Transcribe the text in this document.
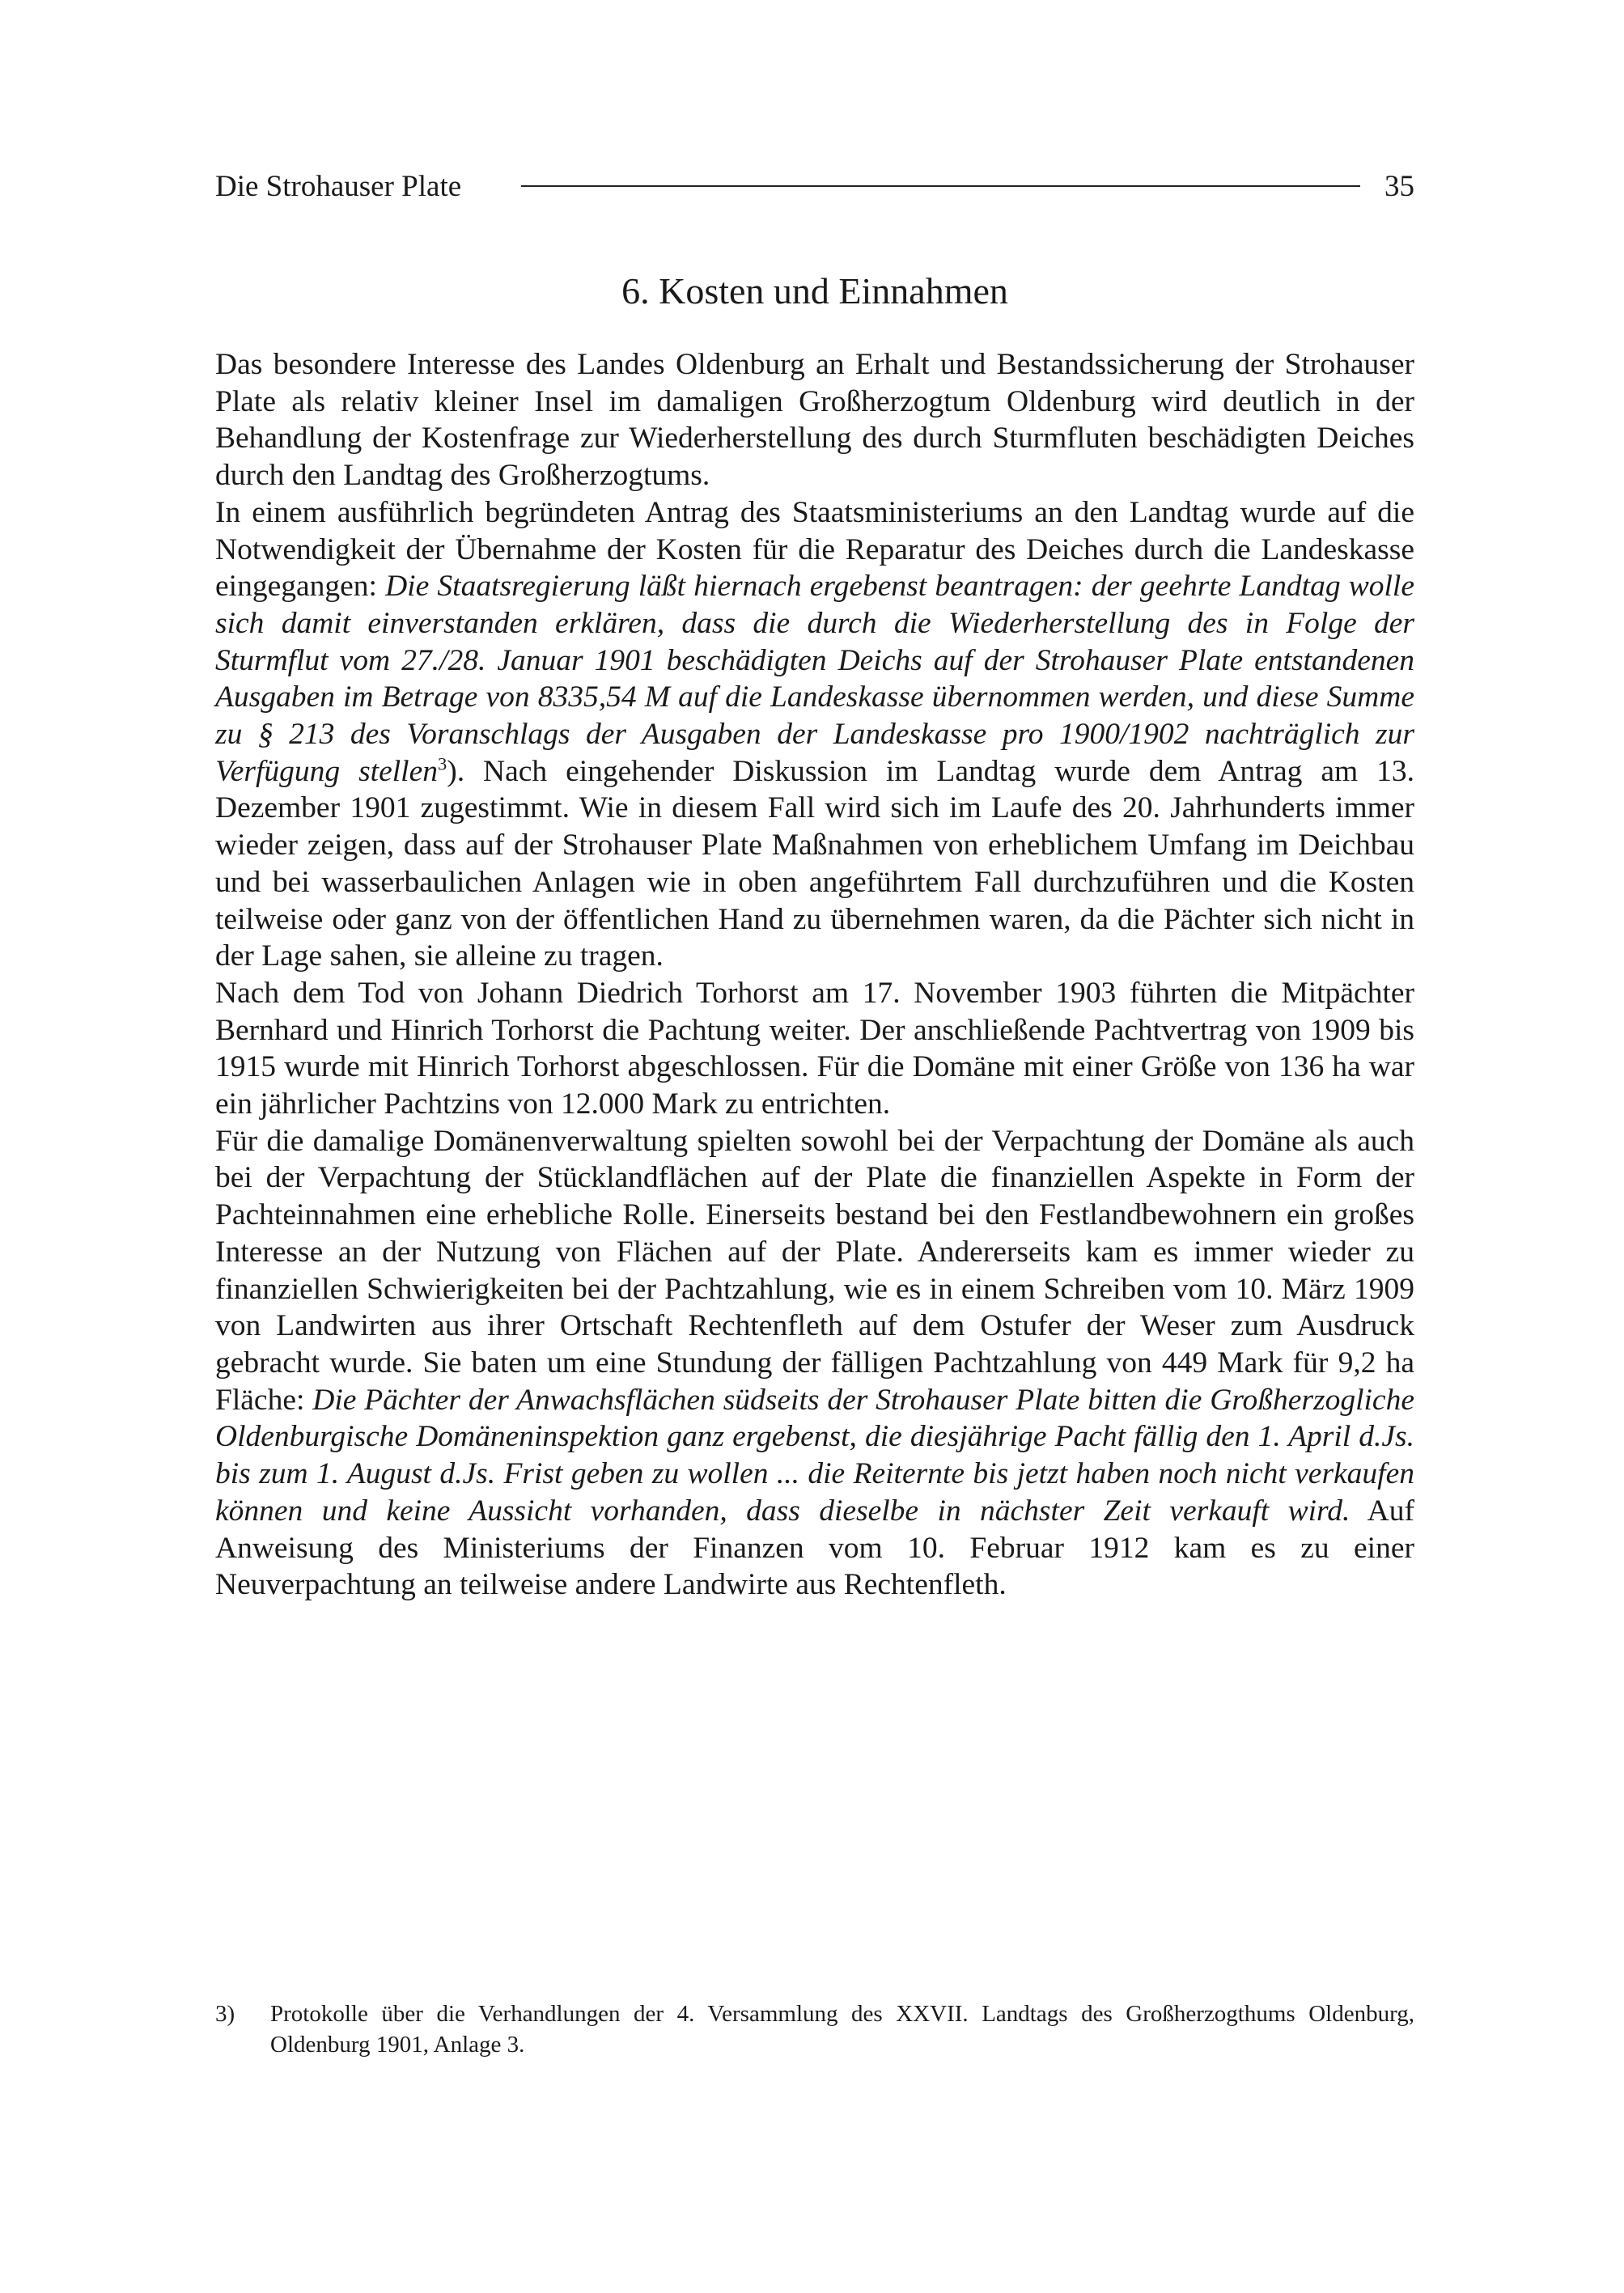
Die Strohauser Plate	35
6. Kosten und Einnahmen

Das besondere Interesse des Landes Oldenburg an Erhalt und Bestandssicherung der Strohauser Plate als relativ kleiner Insel im damaligen Großherzogtum Oldenburg wird deutlich in der Behandlung der Kostenfrage zur Wiederherstellung des durch Sturmfluten beschädigten Deiches durch den Landtag des Großherzogtums.

In einem ausführlich begründeten Antrag des Staatsministeriums an den Landtag wurde auf die Notwendigkeit der Übernahme der Kosten für die Reparatur des Deiches durch die Landeskasse eingegangen: Die Staatsregierung läßt hiernach ergebenst beantragen: der geehrte Landtag wolle sich damit einverstanden erklären, dass die durch die Wiederherstellung des in Folge der Sturmflut vom 27./28. Januar 1901 beschädigten Deichs auf der Strohauser Plate entstandenen Ausgaben im Betrage von 8335,54 M auf die Landeskasse übernommen werden, und diese Summe zu § 213 des Voranschlags der Ausgaben der Landeskasse pro 1900/1902 nachträglich zur Verfügung stellen$^3$). Nach eingehender Diskussion im Landtag wurde dem Antrag am 13. Dezember 1901 zugestimmt. Wie in diesem Fall wird sich im Laufe des 20. Jahrhunderts immer wieder zeigen, dass auf der Strohauser Plate Maßnahmen von erheblichem Umfang im Deichbau und bei wasserbaulichen Anlagen wie in oben angeführtem Fall durchzuführen und die Kosten teilweise oder ganz von der öffentlichen Hand zu übernehmen waren, da die Pächter sich nicht in der Lage sahen, sie alleine zu tragen.

Nach dem Tod von Johann Diedrich Torhorst am 17. November 1903 führten die Mitpächter Bernhard und Hinrich Torhorst die Pachtung weiter. Der anschließende Pachtvertrag von 1909 bis 1915 wurde mit Hinrich Torhorst abgeschlossen. Für die Domäne mit einer Größe von 136 ha war ein jährlicher Pachtzins von 12.000 Mark zu entrichten.

Für die damalige Domänenverwaltung spielten sowohl bei der Verpachtung der Domäne als auch bei der Verpachtung der Stücklandflächen auf der Plate die finanziellen Aspekte in Form der Pachteinnahmen eine erhebliche Rolle. Einerseits bestand bei den Festlandbewohnern ein großes Interesse an der Nutzung von Flächen auf der Plate. Andererseits kam es immer wieder zu finanziellen Schwierigkeiten bei der Pachtzahlung, wie es in einem Schreiben vom 10. März 1909 von Landwirten aus ihrer Ortschaft Rechtenfleth auf dem Ostufer der Weser zum Ausdruck gebracht wurde. Sie baten um eine Stundung der fälligen Pachtzahlung von 449 Mark für 9,2 ha Fläche: Die Pächter der Anwachsflächen südseits der Strohauser Plate bitten die Großherzogliche Oldenburgische Domäneninspektion ganz ergebenst, die diesjährige Pacht fällig den 1. April d.Js. bis zum 1. August d.Js. Frist geben zu wollen ... die Reiternte bis jetzt haben noch nicht verkaufen können und keine Aussicht vorhanden, dass dieselbe in nächster Zeit verkauft wird. Auf Anweisung des Ministeriums der Finanzen vom 10. Februar 1912 kam es zu einer Neuverpachtung an teilweise andere Landwirte aus Rechtenfleth.

3)	Protokolle über die Verhandlungen der 4. Versammlung des XXVII. Landtags des Großherzogthums Oldenburg, Oldenburg 1901, Anlage 3.
